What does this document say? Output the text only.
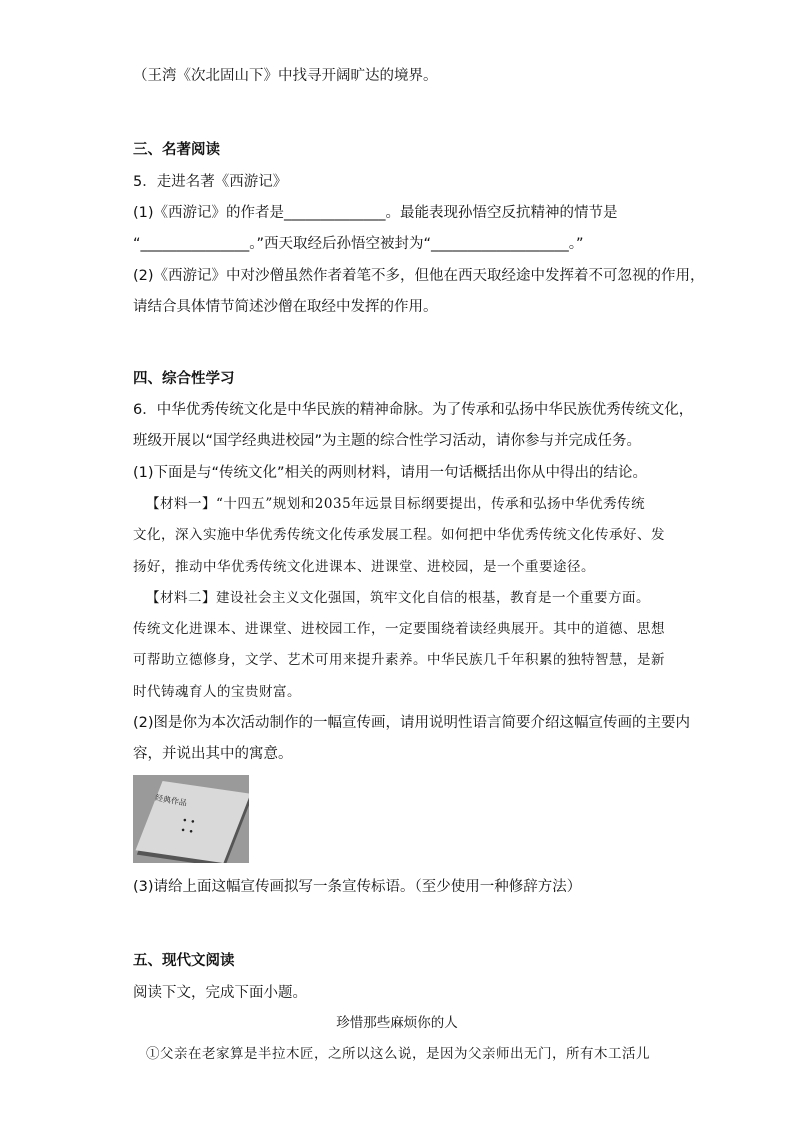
（王湾《次北固山下》中找寻开阔旷达的境界。
三、名著阅读
5．走进名著《西游记》
(1)《西游记》的作者是______________。最能表现孙悟空反抗精神的情节是
“_______________。”西天取经后孙悟空被封为“___________________。”
(2)《西游记》中对沙僧虽然作者着笔不多，但他在西天取经途中发挥着不可忽视的作用，
请结合具体情节简述沙僧在取经中发挥的作用。
四、综合性学习
6．中华优秀传统文化是中华民族的精神命脉。为了传承和弘扬中华民族优秀传统文化，
班级开展以“国学经典进校园”为主题的综合性学习活动，请你参与并完成任务。
(1)下面是与“传统文化”相关的两则材料，请用一句话概括出你从中得出的结论。
【材料一】“十四五”规划和2035年远景目标纲要提出，传承和弘扬中华优秀传统
文化，深入实施中华优秀传统文化传承发展工程。如何把中华优秀传统文化传承好、发
扬好，推动中华优秀传统文化进课本、进课堂、进校园，是一个重要途径。
【材料二】建设社会主义文化强国，筑牢文化自信的根基，教育是一个重要方面。
传统文化进课本、进课堂、进校园工作，一定要围绕着读经典展开。其中的道德、思想
可帮助立德修身，文学、艺术可用来提升素养。中华民族几千年积累的独特智慧，是新
时代铸魂育人的宝贵财富。
(2)图是你为本次活动制作的一幅宣传画，请用说明性语言简要介绍这幅宣传画的主要内
容，并说出其中的寓意。
经典作品
• •
• •
(3)请给上面这幅宣传画拟写一条宣传标语。（至少使用一种修辞方法）
五、现代文阅读
阅读下文，完成下面小题。
珍惜那些麻烦你的人
①父亲在老家算是半拉木匠，之所以这么说，是因为父亲师出无门，所有木工活儿
